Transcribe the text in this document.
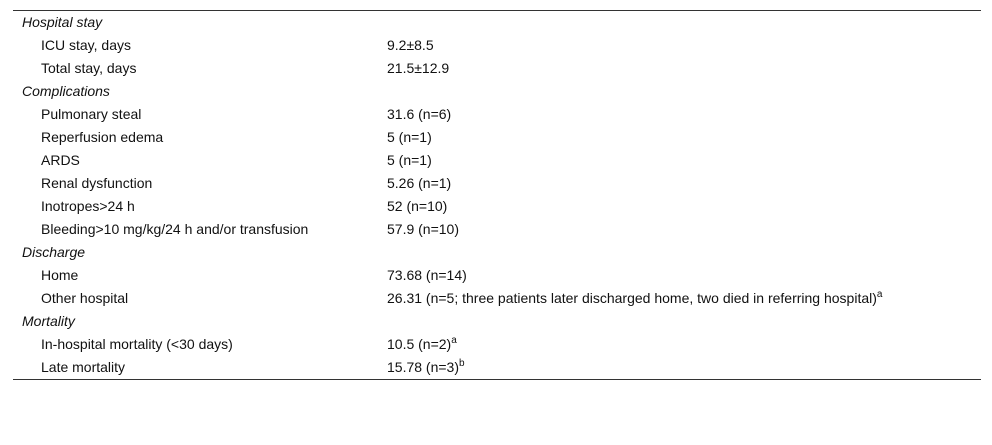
Hospital stay	
ICU stay, days	9.2±8.5
Total stay, days	21.5±12.9
Complications	
Pulmonary steal	31.6 (n=6)
Reperfusion edema	5 (n=1)
ARDS	5 (n=1)
Renal dysfunction	5.26 (n=1)
Inotropes>24 h	52 (n=10)
Bleeding>10 mg/kg/24 h and/or transfusion	57.9 (n=10)
Discharge	
Home	73.68 (n=14)
Other hospital	26.31 (n=5; three patients later discharged home, two died in referring hospital)$^a$
Mortality	
In-hospital mortality (<30 days)	10.5 (n=2)$^a$
Late mortality	15.78 (n=3)$^b$
